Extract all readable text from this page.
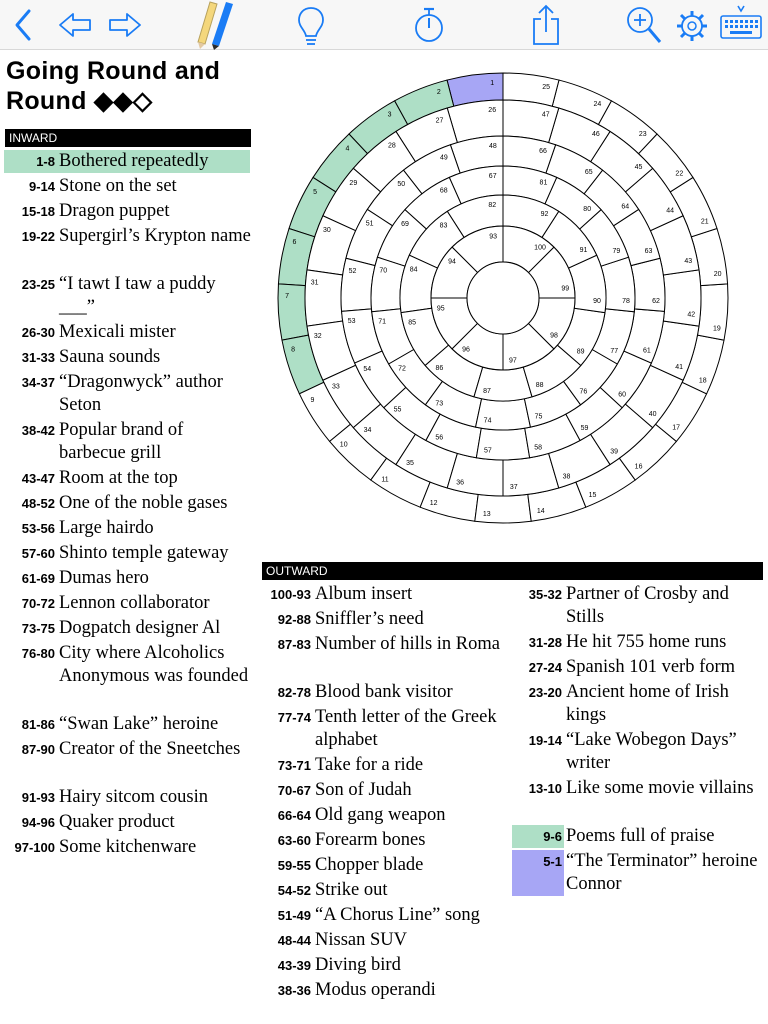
Going Round and Round ◆◆◇
INWARD
1-8 Bothered repeatedly
9-14 Stone on the set
15-18 Dragon puppet
19-22 Supergirl’s Krypton name
23-25 “I tawt I taw a puddy ___”
26-30 Mexicali mister
31-33 Sauna sounds
34-37 “Dragonwyck” author Seton
38-42 Popular brand of barbecue grill
43-47 Room at the top
48-52 One of the noble gases
53-56 Large hairdo
57-60 Shinto temple gateway
61-69 Dumas hero
70-72 Lennon collaborator
73-75 Dogpatch designer Al
76-80 City where Alcoholics Anonymous was founded
81-86 “Swan Lake” heroine
87-90 Creator of the Sneetches
91-93 Hairy sitcom cousin
94-96 Quaker product
97-100 Some kitchenware
1
2
3
4
5
6
7
8
9
10
11
12
13	14
15
16
17
18
19
20
21
22
23
24
25
26
27
28
29
30
31
32
33
34
35
36
37
38
39
40
41
42
43
44
45
46
47
48
49
50
51
52
53
54
55
56
57	58
59
60
61
62
63
64
65
66
67
68
69
70
71
72
73
74
75
76
77
78
79
80
81
82
83
84
85
86
87
88
89
90
91
92
93
94
95
96
97
98
99
100
OUTWARD
100-93 Album insert
92-88 Sniffler’s need
87-83 Number of hills in Roma
82-78 Blood bank visitor
77-74 Tenth letter of the Greek alphabet
73-71 Take for a ride
70-67 Son of Judah
66-64 Old gang weapon
63-60 Forearm bones
59-55 Chopper blade
54-52 Strike out
51-49 “A Chorus Line” song
48-44 Nissan SUV
43-39 Diving bird
38-36 Modus operandi
35-32 Partner of Crosby and Stills
31-28 He hit 755 home runs
27-24 Spanish 101 verb form
23-20 Ancient home of Irish kings
19-14 “Lake Wobegon Days” writer
13-10 Like some movie villains
9-6 Poems full of praise
5-1 “The Terminator” heroine Connor
